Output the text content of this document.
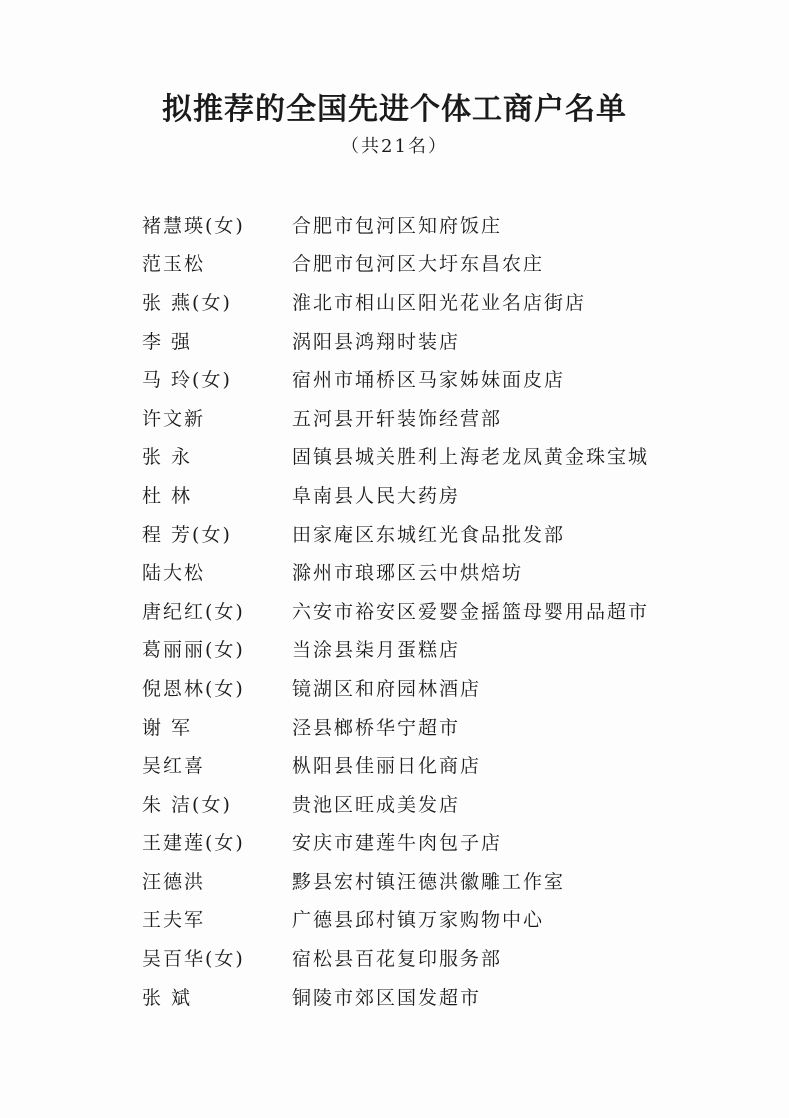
拟推荐的全国先进个体工商户名单
（共21名）
褚慧瑛(女)	合肥市包河区知府饭庄
范玉松	合肥市包河区大圩东昌农庄
张 燕(女)	淮北市相山区阳光花业名店街店
李 强	涡阳县鸿翔时装店
马 玲(女)	宿州市埇桥区马家姊妹面皮店
许文新	五河县开轩装饰经营部
张 永	固镇县城关胜利上海老龙凤黄金珠宝城
杜 林	阜南县人民大药房
程 芳(女)	田家庵区东城红光食品批发部
陆大松	滁州市琅琊区云中烘焙坊
唐纪红(女)	六安市裕安区爱婴金摇篮母婴用品超市
葛丽丽(女)	当涂县柒月蛋糕店
倪恩林(女)	镜湖区和府园林酒店
谢 军	泾县榔桥华宁超市
吴红喜	枞阳县佳丽日化商店
朱 洁(女)	贵池区旺成美发店
王建莲(女)	安庆市建莲牛肉包子店
汪德洪	黟县宏村镇汪德洪徽雕工作室
王夫军	广德县邱村镇万家购物中心
吴百华(女)	宿松县百花复印服务部
张 斌	铜陵市郊区国发超市
